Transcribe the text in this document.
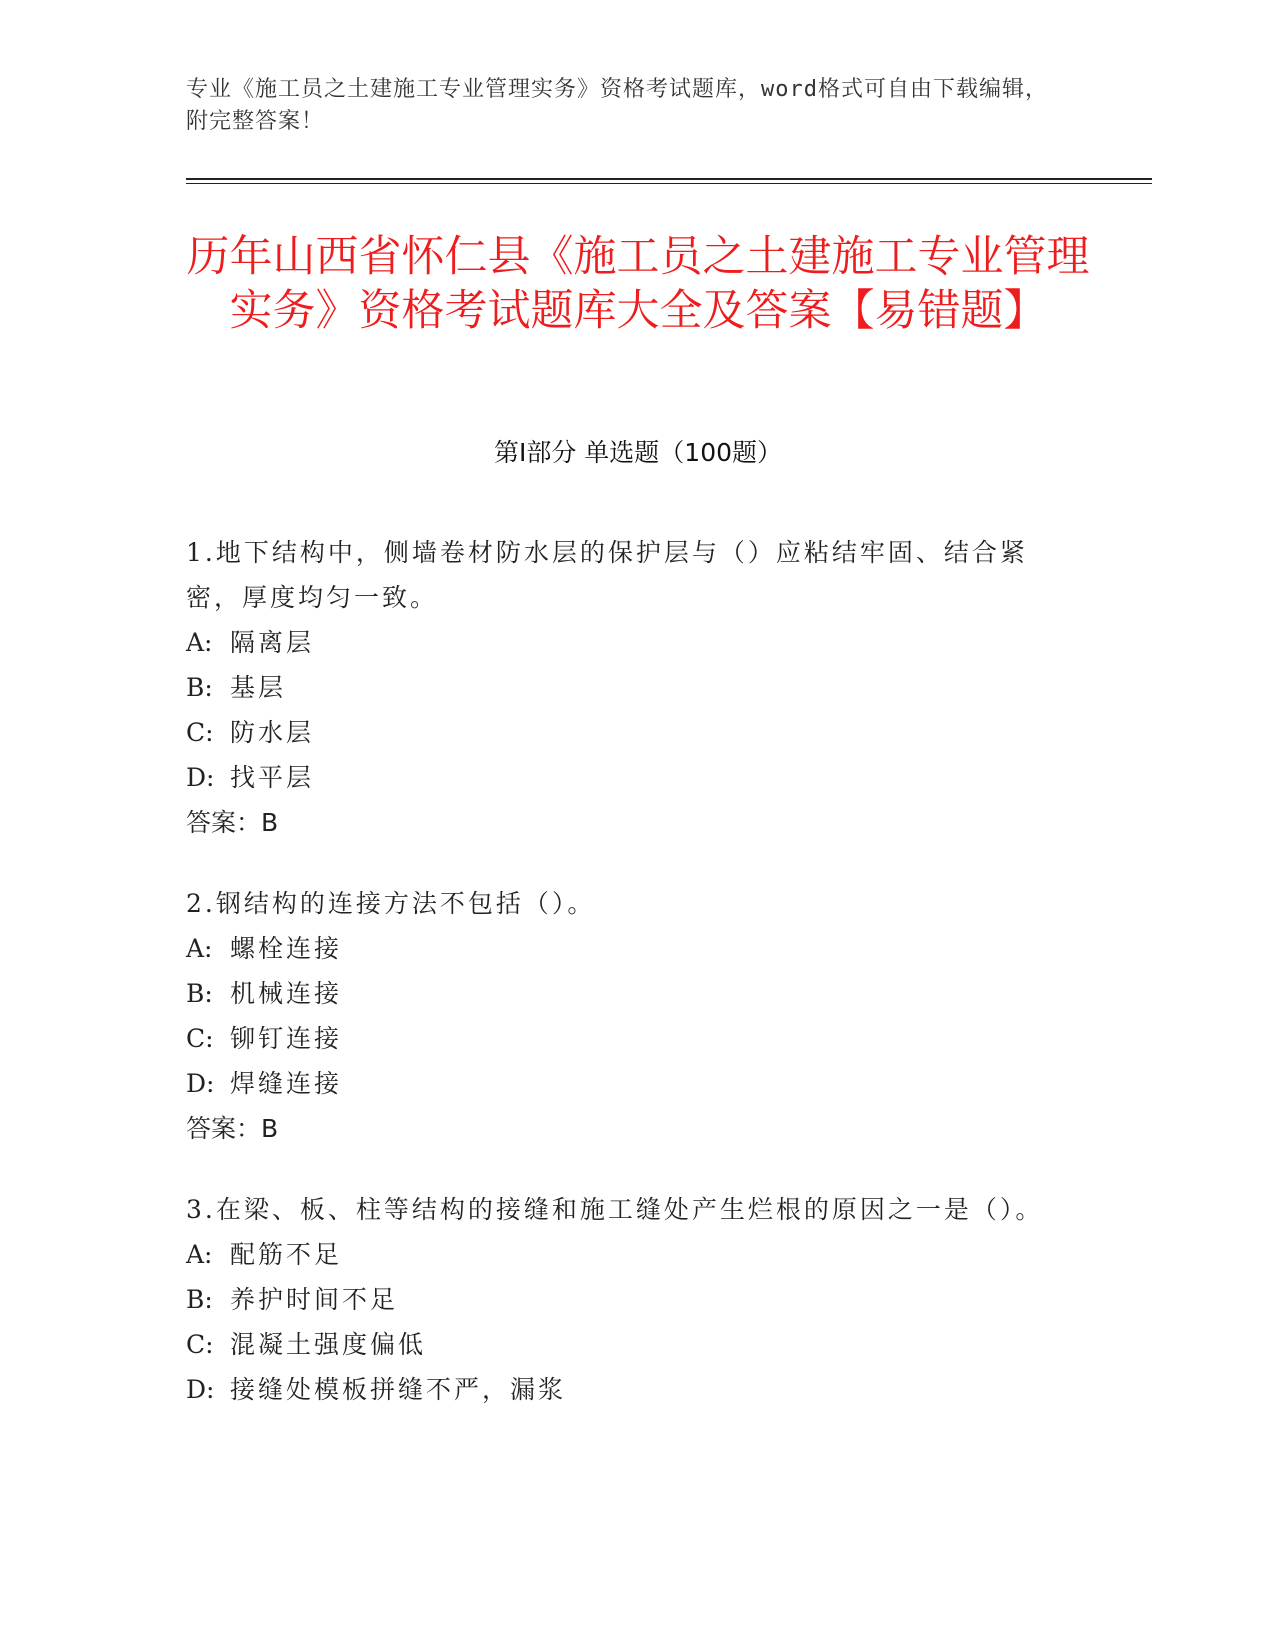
专业《施工员之土建施工专业管理实务》资格考试题库，word格式可自由下载编辑，附完整答案！
历年山西省怀仁县《施工员之土建施工专业管理实务》资格考试题库大全及答案【易错题】
第Ⅰ部分 单选题（100题）
1.地下结构中，侧墙卷材防水层的保护层与（）应粘结牢固、结合紧密，厚度均匀一致。
A: 隔离层
B: 基层
C: 防水层
D: 找平层
答案：B
2.钢结构的连接方法不包括（）。
A: 螺栓连接
B: 机械连接
C: 铆钉连接
D: 焊缝连接
答案：B
3.在梁、板、柱等结构的接缝和施工缝处产生烂根的原因之一是（）。
A: 配筋不足
B: 养护时间不足
C: 混凝土强度偏低
D: 接缝处模板拼缝不严，漏浆
